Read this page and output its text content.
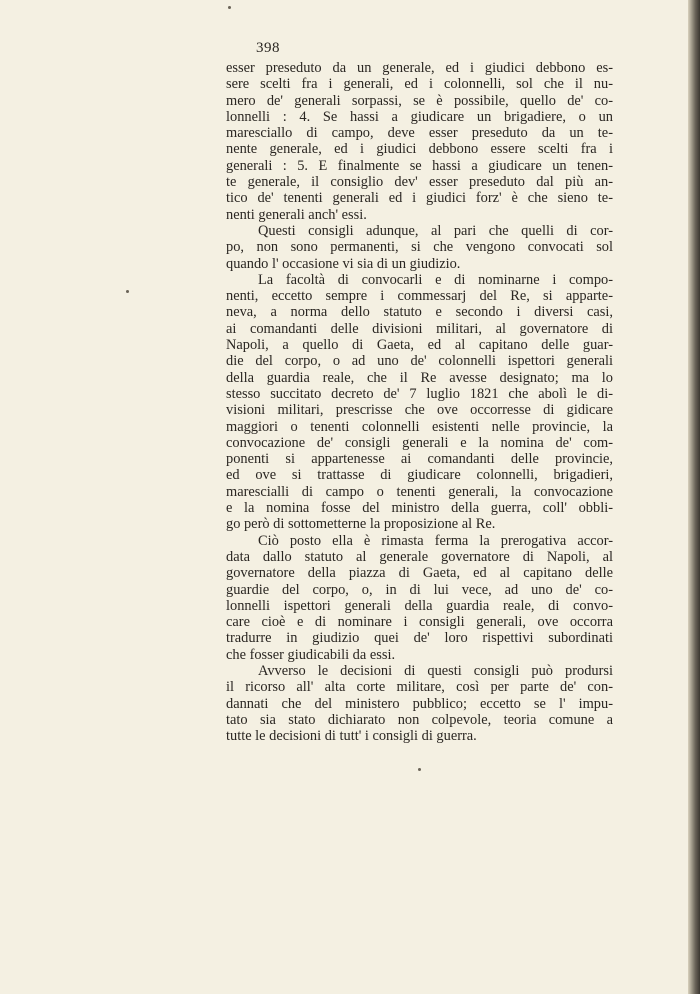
398
esser preseduto da un generale, ed i giudici debbono es-
sere scelti fra i generali, ed i colonnelli, sol che il nu-
mero de' generali sorpassi, se è possibile, quello de' co-
lonnelli : 4. Se hassi a giudicare un brigadiere, o un
maresciallo di campo, deve esser preseduto da un te-
nente generale, ed i giudici debbono essere scelti fra i
generali : 5. E finalmente se hassi a giudicare un tenen-
te generale, il consiglio dev' esser preseduto dal più an-
tico de' tenenti generali ed i giudici forz' è che sieno te-
nenti generali anch' essi.
Questi consigli adunque, al pari che quelli di cor-
po, non sono permanenti, si che vengono convocati sol
quando l' occasione vi sia di un giudizio.
La facoltà di convocarli e di nominarne i compo-
nenti, eccetto sempre i commessarj del Re, si apparte-
neva, a norma dello statuto e secondo i diversi casi,
ai comandanti delle divisioni militari, al governatore di
Napoli, a quello di Gaeta, ed al capitano delle guar-
die del corpo, o ad uno de' colonnelli ispettori generali
della guardia reale, che il Re avesse designato; ma lo
stesso succitato decreto de' 7 luglio 1821 che abolì le di-
visioni militari, prescrisse che ove occorresse di gidicare
maggiori o tenenti colonnelli esistenti nelle provincie, la
convocazione de' consigli generali e la nomina de' com-
ponenti si appartenesse ai comandanti delle provincie,
ed ove si trattasse di giudicare colonnelli, brigadieri,
marescialli di campo o tenenti generali, la convocazione
e la nomina fosse del ministro della guerra, coll' obbli-
go però di sottometterne la proposizione al Re.
Ciò posto ella è rimasta ferma la prerogativa accor-
data dallo statuto al generale governatore di Napoli, al
governatore della piazza di Gaeta, ed al capitano delle
guardie del corpo, o, in di lui vece, ad uno de' co-
lonnelli ispettori generali della guardia reale, di convo-
care cioè e di nominare i consigli generali, ove occorra
tradurre in giudizio quei de' loro rispettivi subordinati
che fosser giudicabili da essi.
Avverso le decisioni di questi consigli può prodursi
il ricorso all' alta corte militare, così per parte de' con-
dannati che del ministero pubblico; eccetto se l' impu-
tato sia stato dichiarato non colpevole, teoria comune a
tutte le decisioni di tutt' i consigli di guerra.
